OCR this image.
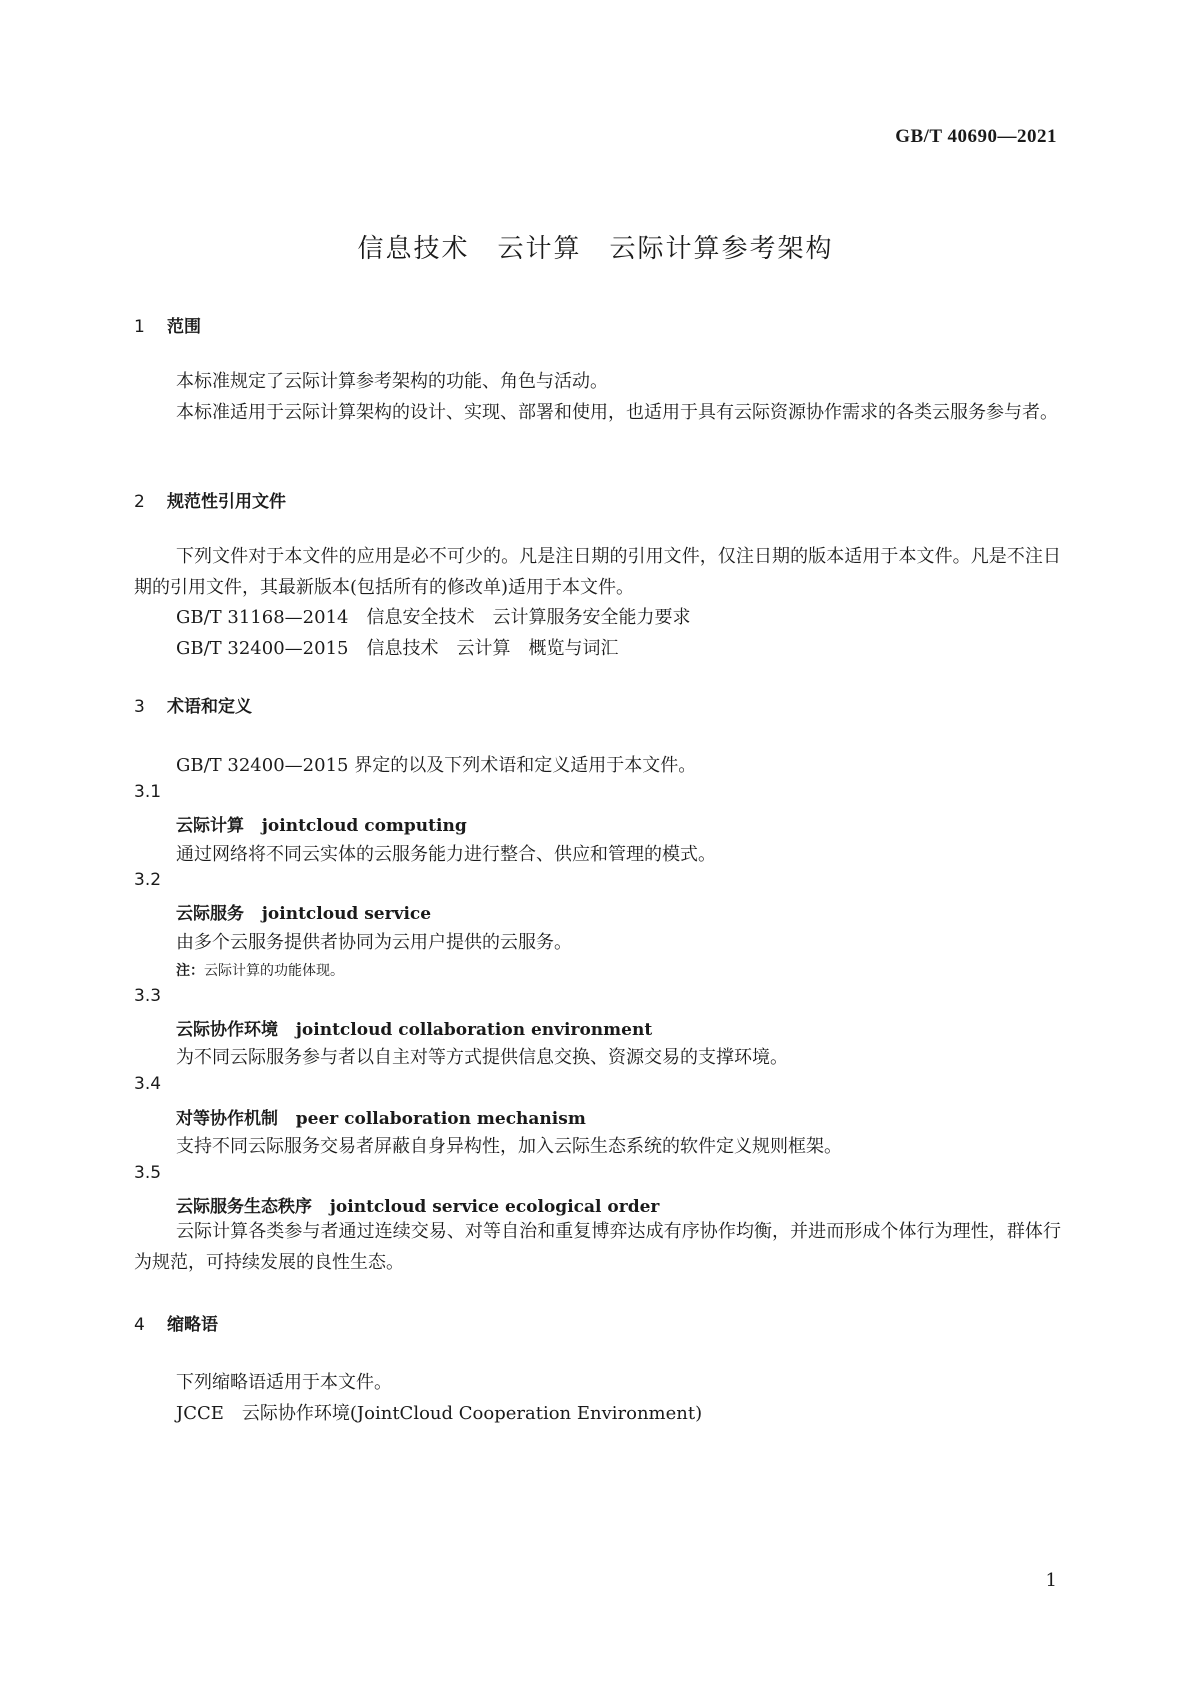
GB/T 40690—2021
信息技术　云计算　云际计算参考架构
1 范围

本标准规定了云际计算参考架构的功能、角色与活动。

本标准适用于云际计算架构的设计、实现、部署和使用，也适用于具有云际资源协作需求的各类云服务参与者。

2 规范性引用文件

下列文件对于本文件的应用是必不可少的。凡是注日期的引用文件，仅注日期的版本适用于本文件。凡是不注日期的引用文件，其最新版本(包括所有的修改单)适用于本文件。

GB/T 31168—2014　信息安全技术　云计算服务安全能力要求
GB/T 32400—2015　信息技术　云计算　概览与词汇
3 术语和定义
GB/T 32400—2015 界定的以及下列术语和定义适用于本文件。
3.1
云际计算 jointcloud computing
通过网络将不同云实体的云服务能力进行整合、供应和管理的模式。
3.2
云际服务 jointcloud service
由多个云服务提供者协同为云用户提供的云服务。
注：云际计算的功能体现。
3.3
云际协作环境 jointcloud collaboration environment
为不同云际服务参与者以自主对等方式提供信息交换、资源交易的支撑环境。
3.4
对等协作机制 peer collaboration mechanism
支持不同云际服务交易者屏蔽自身异构性，加入云际生态系统的软件定义规则框架。
3.5
云际服务生态秩序 jointcloud service ecological order

云际计算各类参与者通过连续交易、对等自治和重复博弈达成有序协作均衡，并进而形成个体行为理性，群体行为规范，可持续发展的良性生态。

4 缩略语
下列缩略语适用于本文件。
JCCE　云际协作环境(JointCloud Cooperation Environment)
1
